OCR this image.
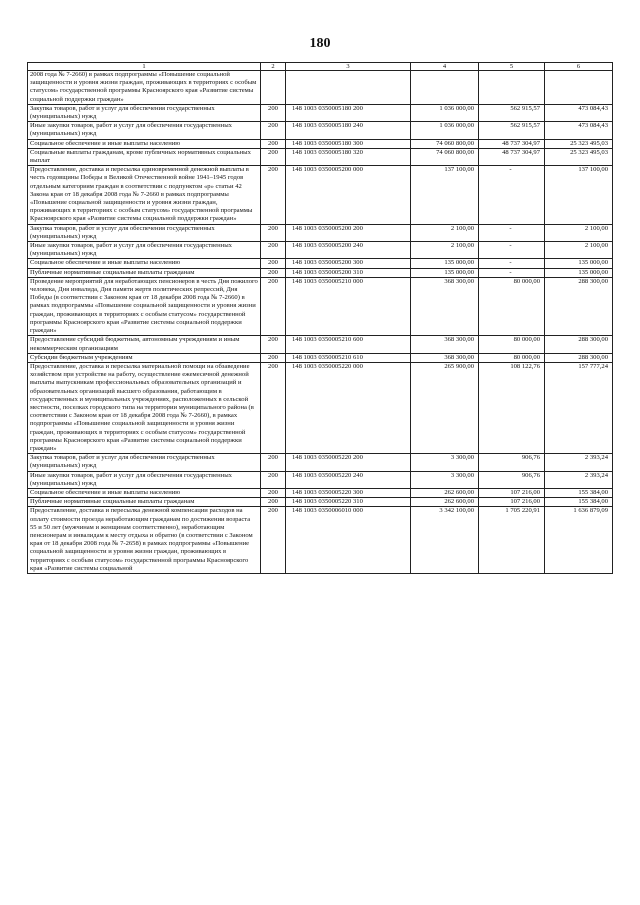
180
1	2	3	4	5	6
2008 года № 7-2660) в рамках подпрограммы «Повышение социальной защищенности и уровня жизни граждан, проживающих в территориях с особым статусом» государственной программы Красноярского края «Развитие системы социальной поддержки граждан»					
Закупка товаров, работ и услуг для обеспечения государственных (муниципальных) нужд	200	148 1003 0350005180 200	1 036 000,00	562 915,57	473 084,43
Иные закупки товаров, работ и услуг для обеспечения государственных (муниципальных) нужд	200	148 1003 0350005180 240	1 036 000,00	562 915,57	473 084,43
Социальное обеспечение и иные выплаты населению	200	148 1003 0350005180 300	74 060 800,00	48 737 304,97	25 323 495,03
Социальные выплаты гражданам, кроме публичных нормативных социальных выплат	200	148 1003 0350005180 320	74 060 800,00	48 737 304,97	25 323 495,03
Предоставление, доставка и пересылка единовременной денежной выплаты в честь годовщины Победы в Великой Отечественной войне 1941–1945 годов отдельным категориям граждан в соответствии с подпунктом «р» статьи 42 Закона края от 18 декабря 2008 года № 7-2660 в рамках подпрограммы «Повышение социальной защищенности и уровня жизни граждан, проживающих в территориях с особым статусом» государственной программы Красноярского края «Развитие системы социальной поддержки граждан»	200	148 1003 0350005200 000	137 100,00	-	137 100,00
Закупка товаров, работ и услуг для обеспечения государственных (муниципальных) нужд	200	148 1003 0350005200 200	2 100,00	-	2 100,00
Иные закупки товаров, работ и услуг для обеспечения государственных (муниципальных) нужд	200	148 1003 0350005200 240	2 100,00	-	2 100,00
Социальное обеспечение и иные выплаты населению	200	148 1003 0350005200 300	135 000,00	-	135 000,00
Публичные нормативные социальные выплаты гражданам	200	148 1003 0350005200 310	135 000,00	-	135 000,00
Проведение мероприятий для неработающих пенсионеров в честь Дня пожилого человека, Дня инвалида, Дня памяти жертв политических репрессий, Дня Победы (в соответствии с Законом края от 18 декабря 2008 года № 7-2660) в рамках подпрограммы «Повышение социальной защищенности и уровня жизни граждан, проживающих в территориях с особым статусом» государственной программы Красноярского края «Развитие системы социальной поддержки граждан»	200	148 1003 0350005210 000	368 300,00	80 000,00	288 300,00
Предоставление субсидий бюджетным, автономным учреждениям и иным некоммерческим организациям	200	148 1003 0350005210 600	368 300,00	80 000,00	288 300,00
Субсидии бюджетным учреждениям	200	148 1003 0350005210 610	368 300,00	80 000,00	288 300,00
Предоставление, доставка и пересылка материальной помощи на обзаведение хозяйством при устройстве на работу, осуществление ежемесячной денежной выплаты выпускникам профессиональных образовательных организаций и образовательных организаций высшего образования, работающим в государственных и муниципальных учреждениях, расположенных в сельской местности, поселках городского типа на территории муниципального района (в соответствии с Законом края от 18 декабря 2008 года № 7-2660), в рамках подпрограммы «Повышение социальной защищенности и уровня жизни граждан, проживающих в территориях с особым статусом» государственной программы Красноярского края «Развитие системы социальной поддержки граждан»	200	148 1003 0350005220 000	265 900,00	108 122,76	157 777,24
Закупка товаров, работ и услуг для обеспечения государственных (муниципальных) нужд	200	148 1003 0350005220 200	3 300,00	906,76	2 393,24
Иные закупки товаров, работ и услуг для обеспечения государственных (муниципальных) нужд	200	148 1003 0350005220 240	3 300,00	906,76	2 393,24
Социальное обеспечение и иные выплаты населению	200	148 1003 0350005220 300	262 600,00	107 216,00	155 384,00
Публичные нормативные социальные выплаты гражданам	200	148 1003 0350005220 310	262 600,00	107 216,00	155 384,00
Предоставление, доставка и пересылка денежной компенсации расходов на оплату стоимости проезда неработающим гражданам по достижении возраста 55 и 50 лет (мужчинам и женщинам соответственно), неработающим пенсионерам и инвалидам к месту отдыха и обратно (в соответствии с Законом края от 18 декабря 2008 года № 7-2658) в рамках подпрограммы «Повышение социальной защищенности и уровня жизни граждан, проживающих в территориях с особым статусом» государственной программы Красноярского края «Развитие системы социальной	200	148 1003 0350006010 000	3 342 100,00	1 705 220,91	1 636 879,09
